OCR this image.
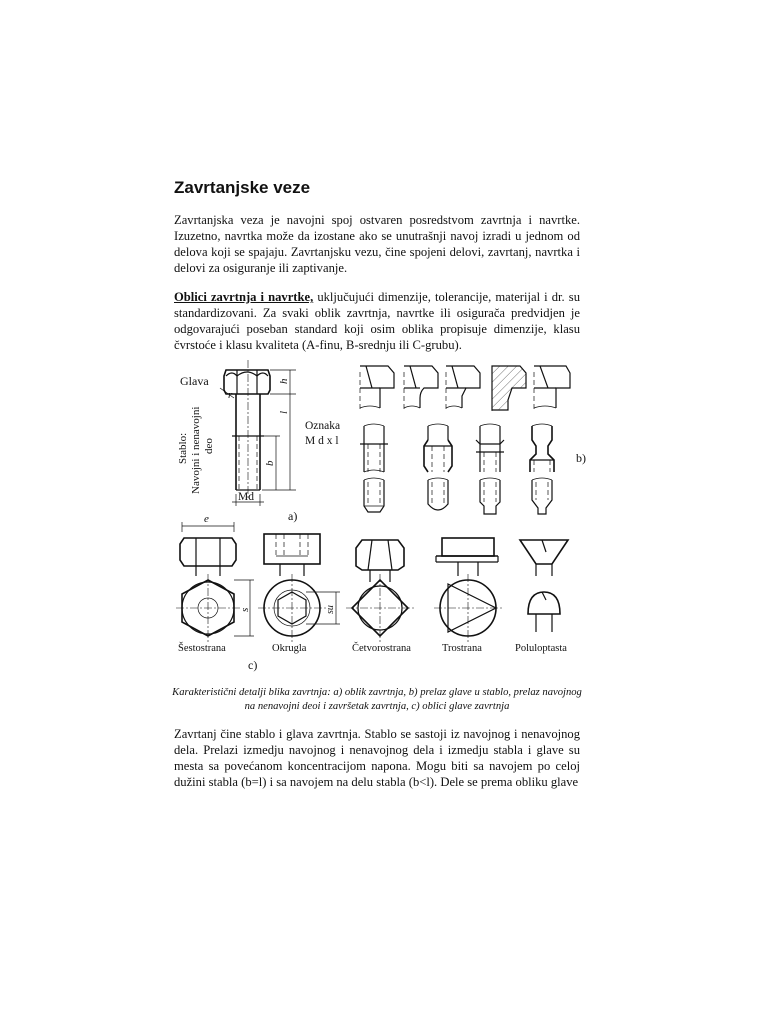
Zavrtanjske veze

Zavrtanjska veza je navojni spoj ostvaren posredstvom zavrtnja i navrtke. Izuzetno, navrtka može da izostane ako se unutrašnji navoj izradi u jednom od delova koji se spajaju. Zavrtanjsku vezu, čine spojeni delovi, zavrtanj, navrtka i delovi za osiguranje ili zaptivanje.

Oblici zavrtnja i navrtke, uključujući dimenzije, tolerancije, materijal i dr. su standardizovani. Za svaki oblik zavrtnja, navrtke ili osigurača predvidjen je odgovarajući poseban standard koji osim oblika propisuje dimenzije, klasu čvrstoće i klasu kvaliteta (A-finu, B-srednju ili C-grubu).

Glava
r
h
l
b
Stablo: Navojni i nenavojni deo
Oznaka
M d x l
Md
a)
b)
e
s	su
Šestostrana	Okrugla	Četvorostrana	Trostrana	Poluloptasta
c)

Karakteristični detalji blika zavrtnja: a) oblik zavrtnja, b) prelaz glave u stablo, prelaz navojnog na nenavojni deoi i završetak zavrtnja, c) oblici glave zavrtnja

Zavrtanj čine stablo i glava zavrtnja. Stablo se sastoji iz navojnog i nenavojnog dela. Prelazi izmedju navojnog i nenavojnog dela i izmedju stabla i glave su mesta sa povećanom koncentracijom napona. Mogu biti sa navojem po celoj dužini stabla (b=l) i sa navojem na delu stabla (b<l). Dele se prema obliku glave
